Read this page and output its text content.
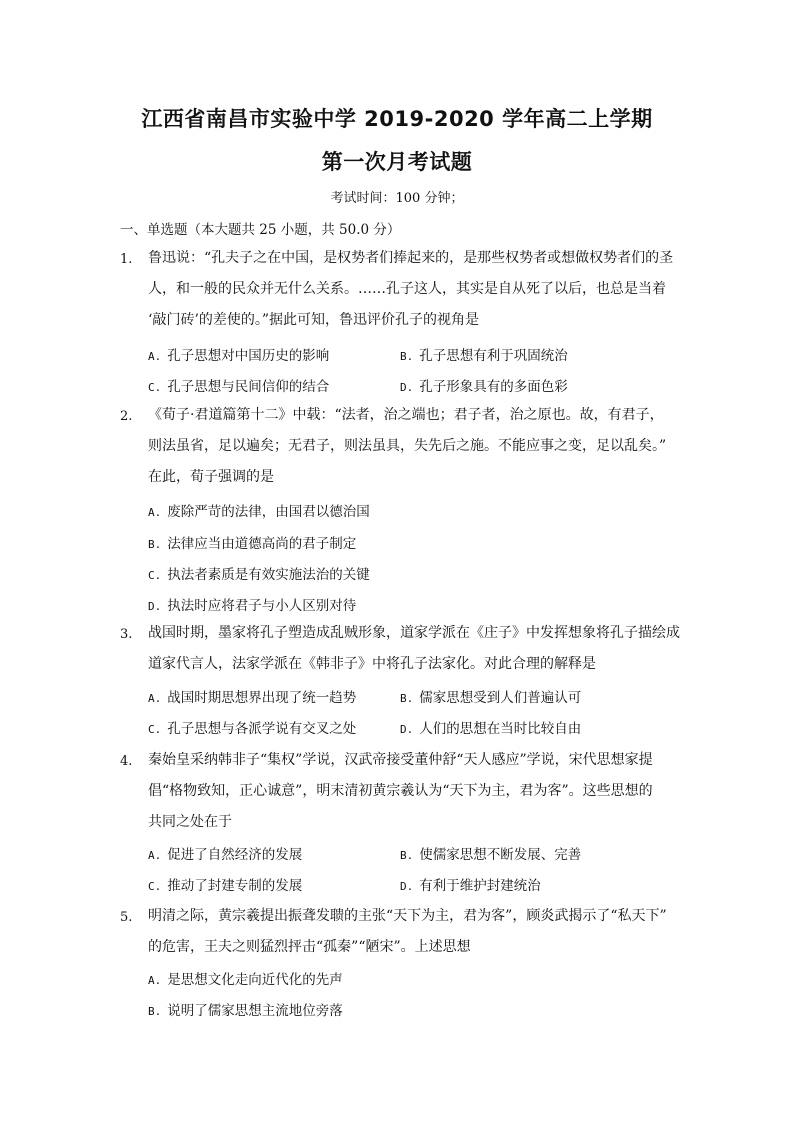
江西省南昌市实验中学 2019-2020 学年高二上学期
第一次月考试题
考试时间：100 分钟；
一、单选题（本大题共 25 小题，共 50.0 分）
1. 鲁迅说：“孔夫子之在中国，是权势者们捧起来的，是那些权势者或想做权势者们的圣
人，和一般的民众并无什么关系。……孔子这人，其实是自从死了以后，也总是当着
‘敲门砖’的差使的。”据此可知，鲁迅评价孔子的视角是
A. 孔子思想对中国历史的影响	B. 孔子思想有利于巩固统治
C. 孔子思想与民间信仰的结合	D. 孔子形象具有的多面色彩
2. 《荀子·君道篇第十二》中载：“法者，治之端也；君子者，治之原也。故，有君子，
则法虽省，足以遍矣；无君子，则法虽具，失先后之施。不能应事之变，足以乱矣。”
在此，荀子强调的是
A. 废除严苛的法律，由国君以德治国
B. 法律应当由道德高尚的君子制定
C. 执法者素质是有效实施法治的关键
D. 执法时应将君子与小人区别对待
3. 战国时期，墨家将孔子塑造成乱贼形象，道家学派在《庄子》中发挥想象将孔子描绘成
道家代言人，法家学派在《韩非子》中将孔子法家化。对此合理的解释是
A. 战国时期思想界出现了统一趋势	B. 儒家思想受到人们普遍认可
C. 孔子思想与各派学说有交叉之处	D. 人们的思想在当时比较自由
4. 秦始皇采纳韩非子“集权”学说，汉武帝接受董仲舒“天人感应”学说，宋代思想家提
倡“格物致知，正心诚意”，明末清初黄宗羲认为“天下为主，君为客”。这些思想的
共同之处在于
A. 促进了自然经济的发展	B. 使儒家思想不断发展、完善
C. 推动了封建专制的发展	D. 有利于维护封建统治
5. 明清之际，黄宗羲提出振聋发聩的主张“天下为主，君为客”，顾炎武揭示了“私天下”
的危害，王夫之则猛烈抨击“孤秦”“陋宋”。上述思想
A. 是思想文化走向近代化的先声
B. 说明了儒家思想主流地位旁落
